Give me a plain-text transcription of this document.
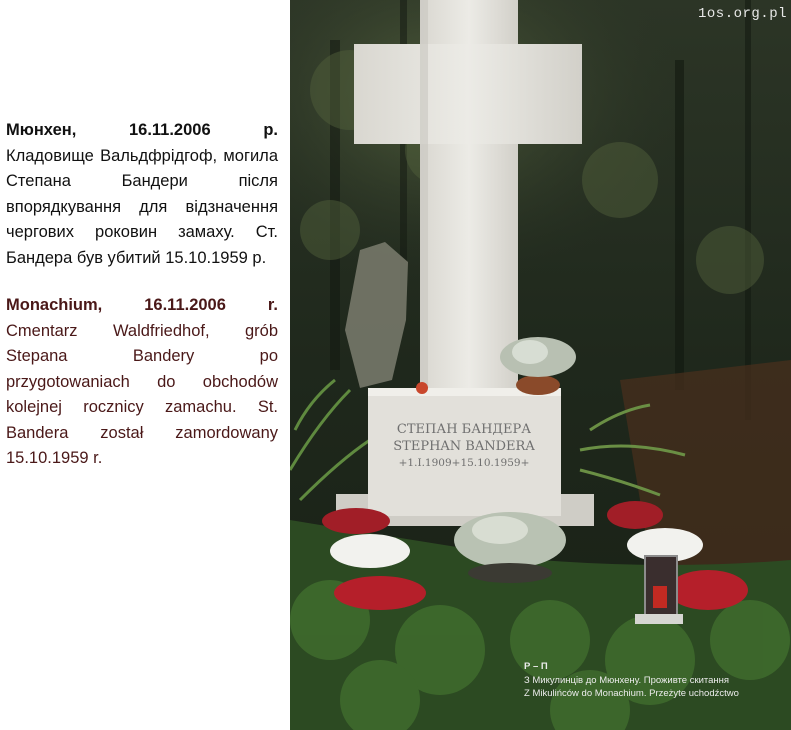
Мюнхен,	16.11.2006	р.
Кладовище Вальдфрідгоф, могила Степана Бандери після впорядкування для відзначення чергових роковин замаху. Ст. Бандера був убитий 15.10.1959 р.
Monachium,	16.11.2006	r.
Cmentarz Waldfriedhof, grób Stepana Bandery po przygotowaniach do obchodów kolejnej rocznicy zamachu. St. Bandera został zamordowany 15.10.1959 r.
СТЕПАН БАНДЕРА
STEPHAN BANDERA
+1.I.1909+15.10.1959+
1os.org.pl
Р – П
З Микулинців до Мюнхену. Проживте скитання
Z Mikulińców do Monachium. Przeżyte uchodźctwo
